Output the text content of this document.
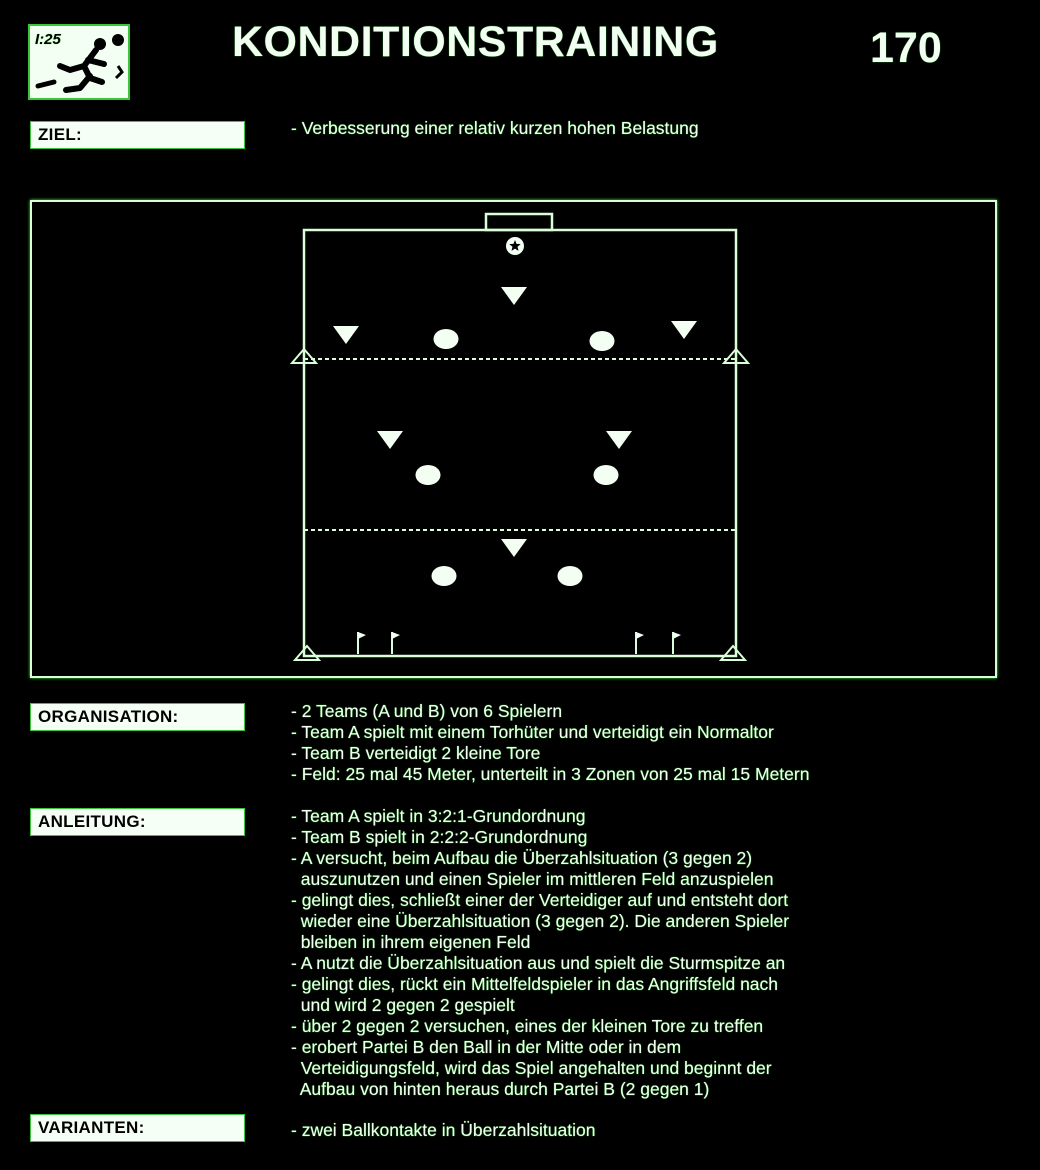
I:25	KONDITIONSTRAINING	170
ZIEL:	- Verbesserung einer relativ kurzen hohen Belastung
ORGANISATION:	- 2 Teams (A und B) von 6 Spielern
- Team A spielt mit einem Torhüter und verteidigt ein Normaltor
- Team B verteidigt 2 kleine Tore
- Feld: 25 mal 45 Meter, unterteilt in 3 Zonen von 25 mal 15 Metern
ANLEITUNG:	- Team A spielt in 3:2:1-Grundordnung
- Team B spielt in 2:2:2-Grundordnung
- A versucht, beim Aufbau die Überzahlsituation (3 gegen 2)
auszunutzen und einen Spieler im mittleren Feld anzuspielen
- gelingt dies, schließt einer der Verteidiger auf und entsteht dort
wieder eine Überzahlsituation (3 gegen 2). Die anderen Spieler
bleiben in ihrem eigenen Feld
- A nutzt die Überzahlsituation aus und spielt die Sturmspitze an
- gelingt dies, rückt ein Mittelfeldspieler in das Angriffsfeld nach
und wird 2 gegen 2 gespielt
- über 2 gegen 2 versuchen, eines der kleinen Tore zu treffen
- erobert Partei B den Ball in der Mitte oder in dem
Verteidigungsfeld, wird das Spiel angehalten und beginnt der
Aufbau von hinten heraus durch Partei B (2 gegen 1)
VARIANTEN:	- zwei Ballkontakte in Überzahlsituation
